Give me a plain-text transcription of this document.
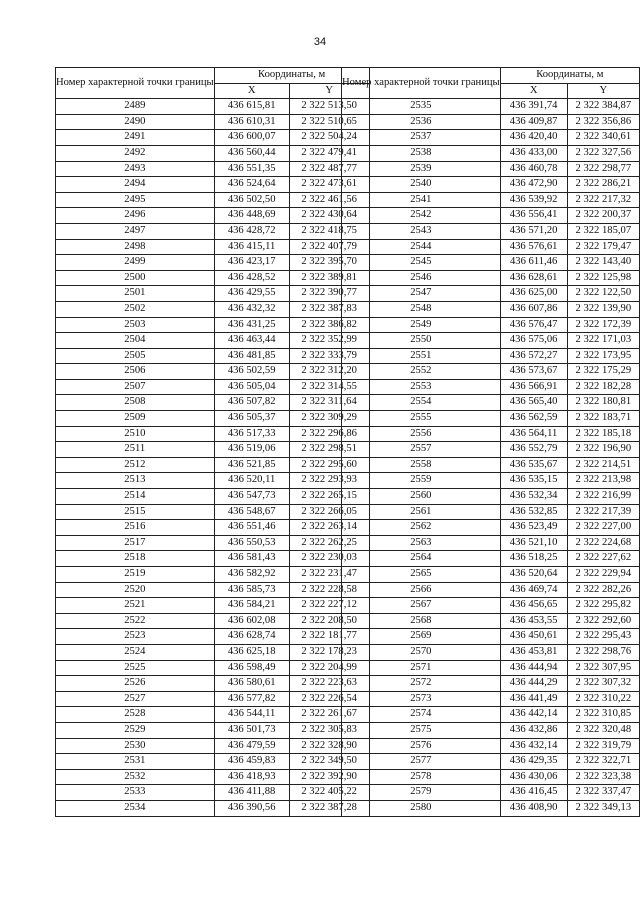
34
Номер характерной точки границы	Координаты, м	
	X	Y
2489	436 615,81	2 322 513,50
2490	436 610,31	2 322 510,65
2491	436 600,07	2 322 504,24
2492	436 560,44	2 322 479,41
2493	436 551,35	2 322 487,77
2494	436 524,64	2 322 473,61
2495	436 502,50	2 322 461,56
2496	436 448,69	2 322 430,64
2497	436 428,72	2 322 418,75
2498	436 415,11	2 322 407,79
2499	436 423,17	2 322 395,70
2500	436 428,52	2 322 389,81
2501	436 429,55	2 322 390,77
2502	436 432,32	2 322 387,83
2503	436 431,25	2 322 386,82
2504	436 463,44	2 322 352,99
2505	436 481,85	2 322 333,79
2506	436 502,59	2 322 312,20
2507	436 505,04	2 322 314,55
2508	436 507,82	2 322 311,64
2509	436 505,37	2 322 309,29
2510	436 517,33	2 322 296,86
2511	436 519,06	2 322 298,51
2512	436 521,85	2 322 295,60
2513	436 520,11	2 322 293,93
2514	436 547,73	2 322 265,15
2515	436 548,67	2 322 266,05
2516	436 551,46	2 322 263,14
2517	436 550,53	2 322 262,25
2518	436 581,43	2 322 230,03
2519	436 582,92	2 322 231,47
2520	436 585,73	2 322 228,58
2521	436 584,21	2 322 227,12
2522	436 602,08	2 322 208,50
2523	436 628,74	2 322 181,77
2524	436 625,18	2 322 178,23
2525	436 598,49	2 322 204,99
2526	436 580,61	2 322 223,63
2527	436 577,82	2 322 226,54
2528	436 544,11	2 322 261,67
2529	436 501,73	2 322 305,83
2530	436 479,59	2 322 328,90
2531	436 459,83	2 322 349,50
2532	436 418,93	2 322 392,90
2533	436 411,88	2 322 405,22
2534	436 390,56	2 322 387,28
Номер характерной точки границы	Координаты, м	
	X	Y
2535	436 391,74	2 322 384,87
2536	436 409,87	2 322 356,86
2537	436 420,40	2 322 340,61
2538	436 433,00	2 322 327,56
2539	436 460,78	2 322 298,77
2540	436 472,90	2 322 286,21
2541	436 539,92	2 322 217,32
2542	436 556,41	2 322 200,37
2543	436 571,20	2 322 185,07
2544	436 576,61	2 322 179,47
2545	436 611,46	2 322 143,40
2546	436 628,61	2 322 125,98
2547	436 625,00	2 322 122,50
2548	436 607,86	2 322 139,90
2549	436 576,47	2 322 172,39
2550	436 575,06	2 322 171,03
2551	436 572,27	2 322 173,95
2552	436 573,67	2 322 175,29
2553	436 566,91	2 322 182,28
2554	436 565,40	2 322 180,81
2555	436 562,59	2 322 183,71
2556	436 564,11	2 322 185,18
2557	436 552,79	2 322 196,90
2558	436 535,67	2 322 214,51
2559	436 535,15	2 322 213,98
2560	436 532,34	2 322 216,99
2561	436 532,85	2 322 217,39
2562	436 523,49	2 322 227,00
2563	436 521,10	2 322 224,68
2564	436 518,25	2 322 227,62
2565	436 520,64	2 322 229,94
2566	436 469,74	2 322 282,26
2567	436 456,65	2 322 295,82
2568	436 453,55	2 322 292,60
2569	436 450,61	2 322 295,43
2570	436 453,81	2 322 298,76
2571	436 444,94	2 322 307,95
2572	436 444,29	2 322 307,32
2573	436 441,49	2 322 310,22
2574	436 442,14	2 322 310,85
2575	436 432,86	2 322 320,48
2576	436 432,14	2 322 319,79
2577	436 429,35	2 322 322,71
2578	436 430,06	2 322 323,38
2579	436 416,45	2 322 337,47
2580	436 408,90	2 322 349,13
